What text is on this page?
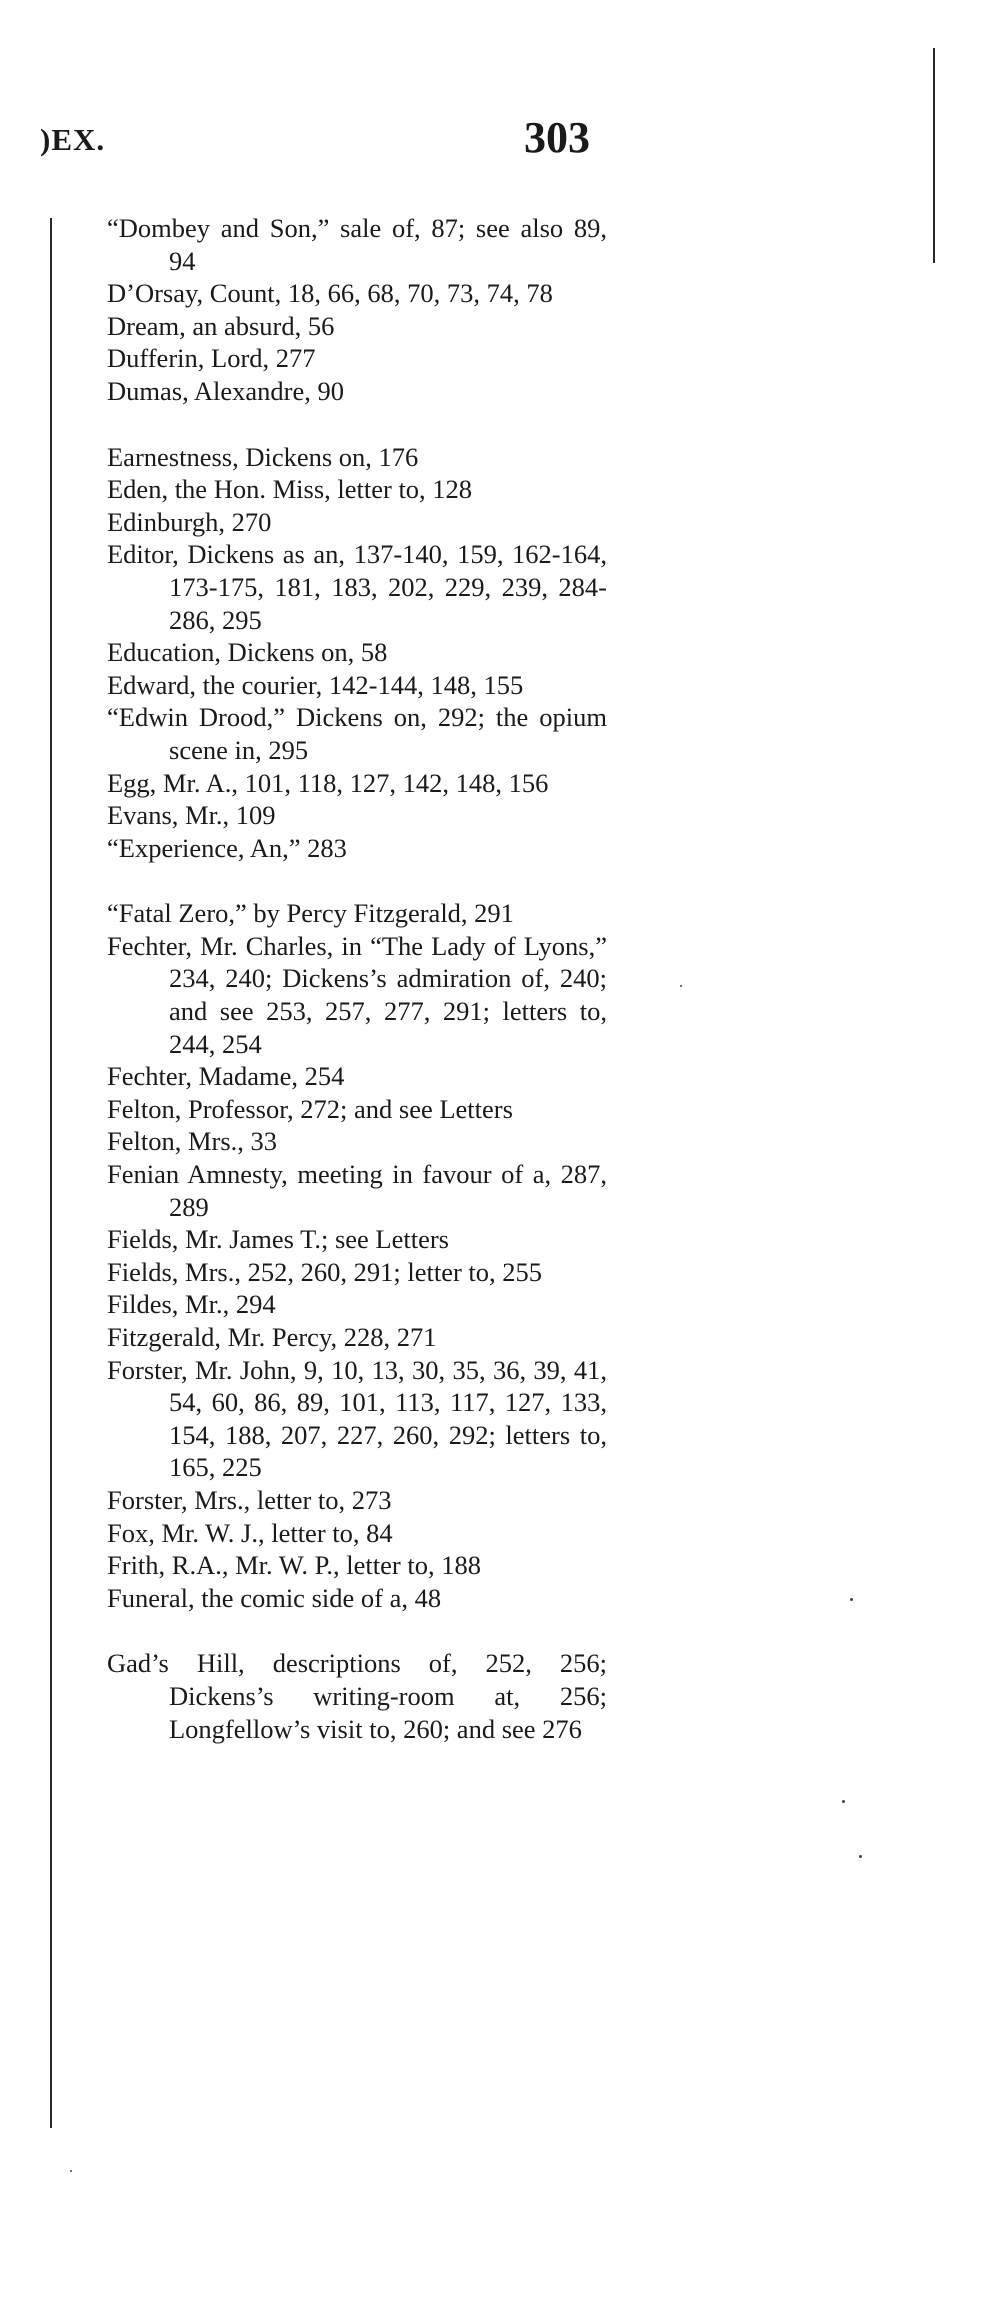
)EX.	303

“Dombey and Son,” sale of, 87; see also 89, 94

D’Orsay, Count, 18, 66, 68, 70, 73, 74, 78

Dream, an absurd, 56

Dufferin, Lord, 277

Dumas, Alexandre, 90

Earnestness, Dickens on, 176

Eden, the Hon. Miss, letter to, 128

Edinburgh, 270

Editor, Dickens as an, 137-140, 159, 162-164, 173-175, 181, 183, 202, 229, 239, 284-286, 295

Education, Dickens on, 58

Edward, the courier, 142-144, 148, 155

“Edwin Drood,” Dickens on, 292; the opium scene in, 295

Egg, Mr. A., 101, 118, 127, 142, 148, 156

Evans, Mr., 109

“Experience, An,” 283

“Fatal Zero,” by Percy Fitzgerald, 291

Fechter, Mr. Charles, in “The Lady of Lyons,” 234, 240; Dickens’s admiration of, 240; and see 253, 257, 277, 291; letters to, 244, 254

Fechter, Madame, 254

Felton, Professor, 272; and see Letters

Felton, Mrs., 33

Fenian Amnesty, meeting in favour of a, 287, 289

Fields, Mr. James T.; see Letters

Fields, Mrs., 252, 260, 291; letter to, 255

Fildes, Mr., 294

Fitzgerald, Mr. Percy, 228, 271

Forster, Mr. John, 9, 10, 13, 30, 35, 36, 39, 41, 54, 60, 86, 89, 101, 113, 117, 127, 133, 154, 188, 207, 227, 260, 292; letters to, 165, 225

Forster, Mrs., letter to, 273

Fox, Mr. W. J., letter to, 84

Frith, R.A., Mr. W. P., letter to, 188

Funeral, the comic side of a, 48

Gad’s Hill, descriptions of, 252, 256; Dickens’s writing-room at, 256; Longfellow’s visit to, 260; and see 276
